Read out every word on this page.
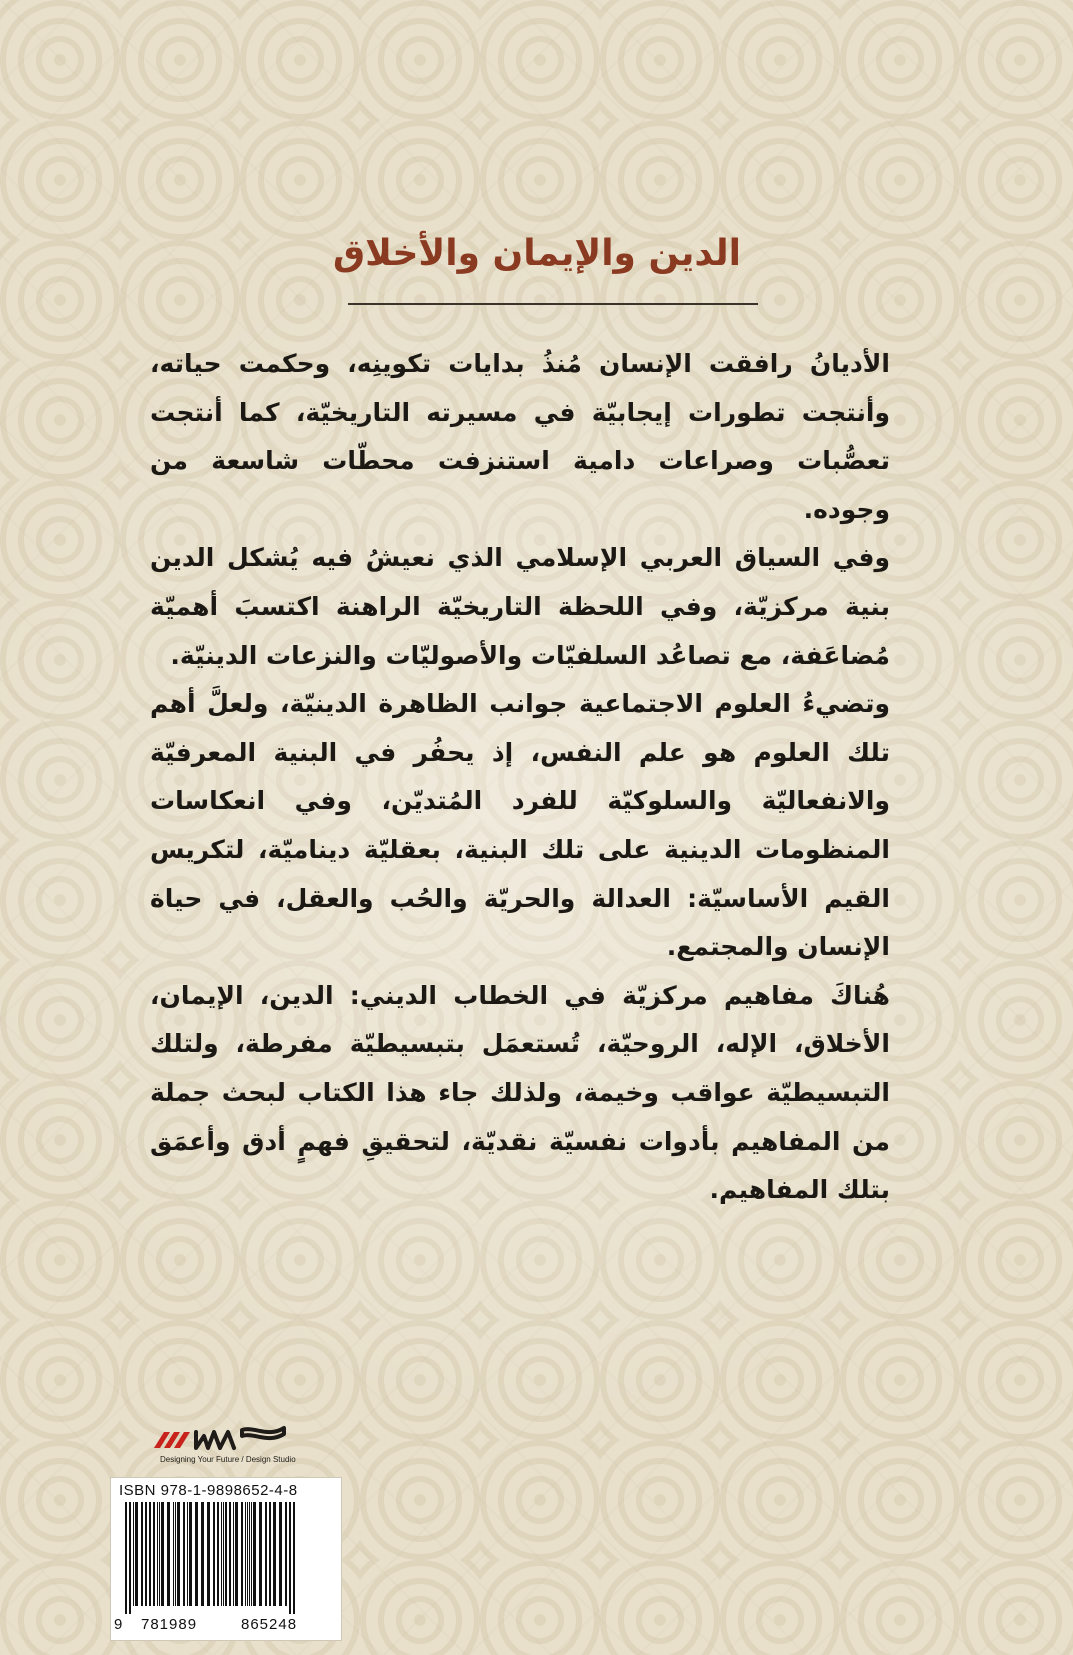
الدين والإيمان والأخلاق

الأديانُ رافقت الإنسان مُنذُ بدايات تكوينِه، وحكمت حياته، وأنتجت تطورات إيجابيّة في مسيرته التاريخيّة، كما أنتجت تعصُّبات وصراعات دامية استنزفت محطّات شاسعة من وجوده.

وفي السياق العربي الإسلامي الذي نعيشُ فيه يُشكل الدين بنية مركزيّة، وفي اللحظة التاريخيّة الراهنة اكتسبَ أهميّة مُضاعَفة، مع تصاعُد السلفيّات والأصوليّات والنزعات الدينيّة.

وتضيءُ العلوم الاجتماعية جوانب الظاهرة الدينيّة، ولعلَّ أهم تلك العلوم هو علم النفس، إذ يحفُر في البنية المعرفيّة والانفعاليّة والسلوكيّة للفرد المُتديّن، وفي انعكاسات المنظومات الدينية على تلك البنية، بعقليّة ديناميّة، لتكريس القيم الأساسيّة: العدالة والحريّة والحُب والعقل، في حياة الإنسان والمجتمع.

هُناكَ مفاهيم مركزيّة في الخطاب الديني: الدين، الإيمان، الأخلاق، الإله، الروحيّة، تُستعمَل بتبسيطيّة مفرطة، ولتلك التبسيطيّة عواقب وخيمة، ولذلك جاء هذا الكتاب لبحث جملة من المفاهيم بأدوات نفسيّة نقديّة، لتحقيقِ فهمٍ أدق وأعمَق بتلك المفاهيم.

Designing Your Future / Design Studio
ISBN 978-1-9898652-4-8
9 781989	865248
